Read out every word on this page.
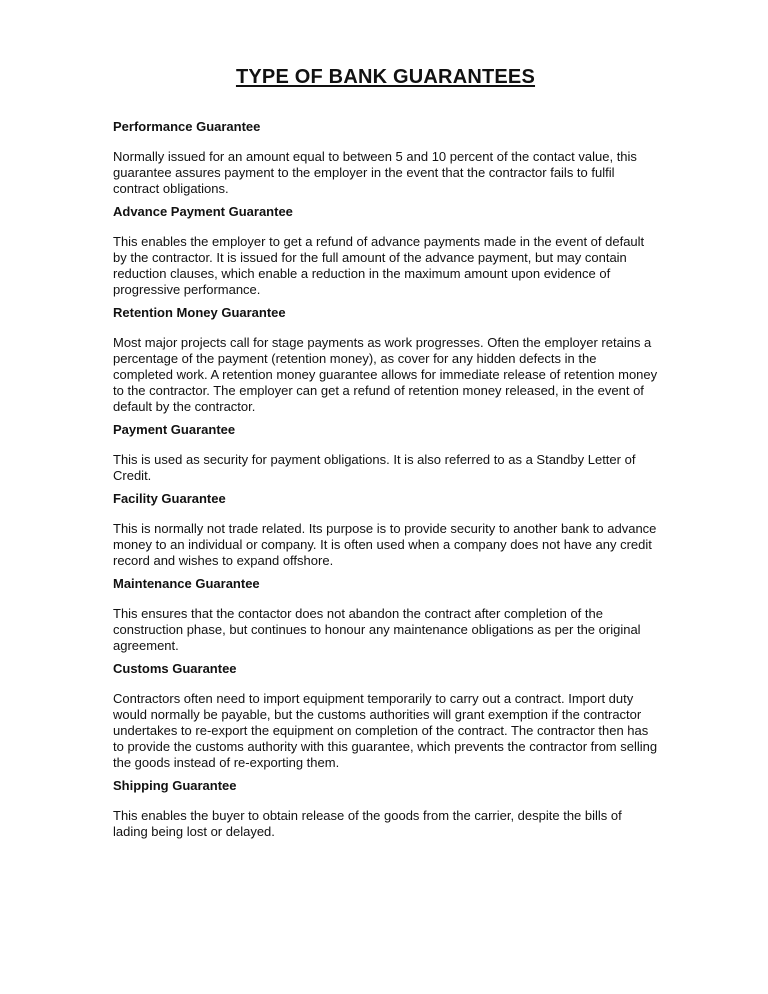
TYPE OF BANK GUARANTEES

Performance Guarantee

Normally issued for an amount equal to between 5 and 10 percent of the contact value, this guarantee assures payment to the employer in the event that the contractor fails to fulfil contract obligations.

Advance Payment Guarantee

This enables the employer to get a refund of advance payments made in the event of default by the contractor. It is issued for the full amount of the advance payment, but may contain reduction clauses, which enable a reduction in the maximum amount upon evidence of progressive performance.

Retention Money Guarantee

Most major projects call for stage payments as work progresses. Often the employer retains a percentage of the payment (retention money), as cover for any hidden defects in the completed work. A retention money guarantee allows for immediate release of retention money to the contractor. The employer can get a refund of retention money released, in the event of default by the contractor.

Payment Guarantee

This is used as security for payment obligations. It is also referred to as a Standby Letter of Credit.

Facility Guarantee

This is normally not trade related. Its purpose is to provide security to another bank to advance money to an individual or company. It is often used when a company does not have any credit record and wishes to expand offshore.

Maintenance Guarantee

This ensures that the contactor does not abandon the contract after completion of the construction phase, but continues to honour any maintenance obligations as per the original agreement.

Customs Guarantee

Contractors often need to import equipment temporarily to carry out a contract. Import duty would normally be payable, but the customs authorities will grant exemption if the contractor undertakes to re-export the equipment on completion of the contract. The contractor then has to provide the customs authority with this guarantee, which prevents the contractor from selling the goods instead of re-exporting them.

Shipping Guarantee

This enables the buyer to obtain release of the goods from the carrier, despite the bills of lading being lost or delayed.
